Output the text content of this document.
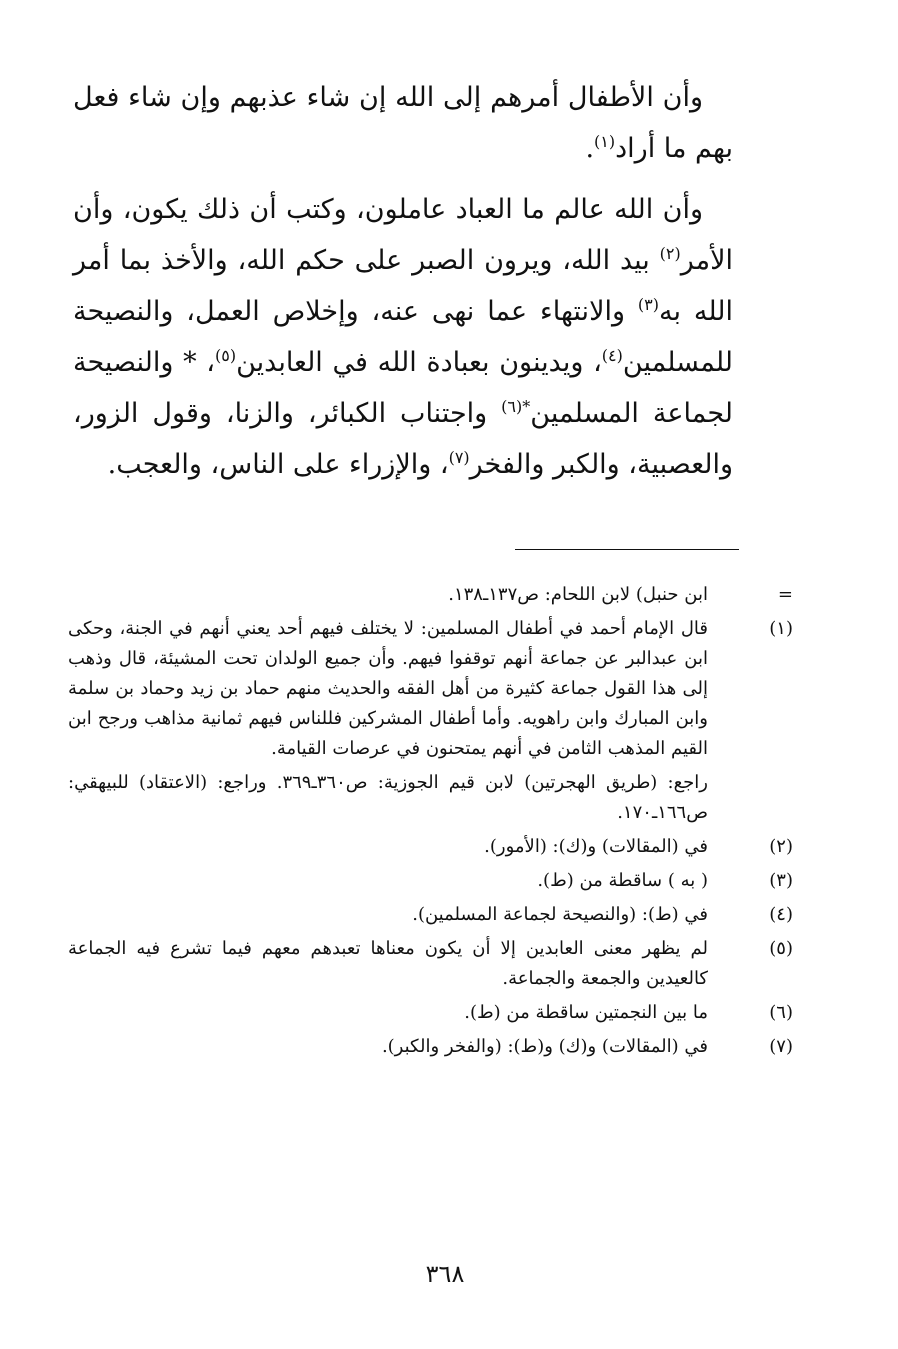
وأن الأطفال أمرهم إلى الله إن شاء عذبهم وإن شاء فعل بهم ما أراد$^{(١)}$.

وأن الله عالم ما العباد عاملون، وكتب أن ذلك يكون، وأن الأمر$^{(٢)}$ بيد الله، ويرون الصبر على حكم الله، والأخذ بما أمر الله به$^{(٣)}$ والانتهاء عما نهى عنه، وإخلاص العمل، والنصيحة للمسلمين$^{(٤)}$، ويدينون بعبادة الله في العابدين$^{(٥)}$، * والنصيحة لجماعة المسلمين$^{*(٦)}$ واجتناب الكبائر، والزنا، وقول الزور، والعصبية، والكبر والفخر$^{(٧)}$، والإزراء على الناس، والعجب.

=
ابن حنبل) لابن اللحام: ص١٣٧ـ١٣٨.
(١)
قال الإمام أحمد في أطفال المسلمين: لا يختلف فيهم أحد يعني أنهم في الجنة، وحكى ابن عبدالبر عن جماعة أنهم توقفوا فيهم. وأن جميع الولدان تحت المشيئة، قال وذهب إلى هذا القول جماعة كثيرة من أهل الفقه والحديث منهم حماد بن زيد وحماد بن سلمة وابن المبارك وابن راهويه. وأما أطفال المشركين فللناس فيهم ثمانية مذاهب ورجح ابن القيم المذهب الثامن في أنهم يمتحنون في عرصات القيامة.
راجع: (طريق الهجرتين) لابن قيم الجوزية: ص٣٦٠ـ٣٦٩. وراجع: (الاعتقاد) للبيهقي: ص١٦٦ـ١٧٠.
(٢)
في (المقالات) و(ك): (الأمور).
(٣)
( به ) ساقطة من (ط).
(٤)
في (ط): (والنصيحة لجماعة المسلمين).
(٥)
لم يظهر معنى العابدين إلا أن يكون معناها تعبدهم معهم فيما تشرع فيه الجماعة كالعيدين والجمعة والجماعة.
(٦)
ما بين النجمتين ساقطة من (ط).
(٧)
في (المقالات) و(ك) و(ط): (والفخر والكبر).
٣٦٨
